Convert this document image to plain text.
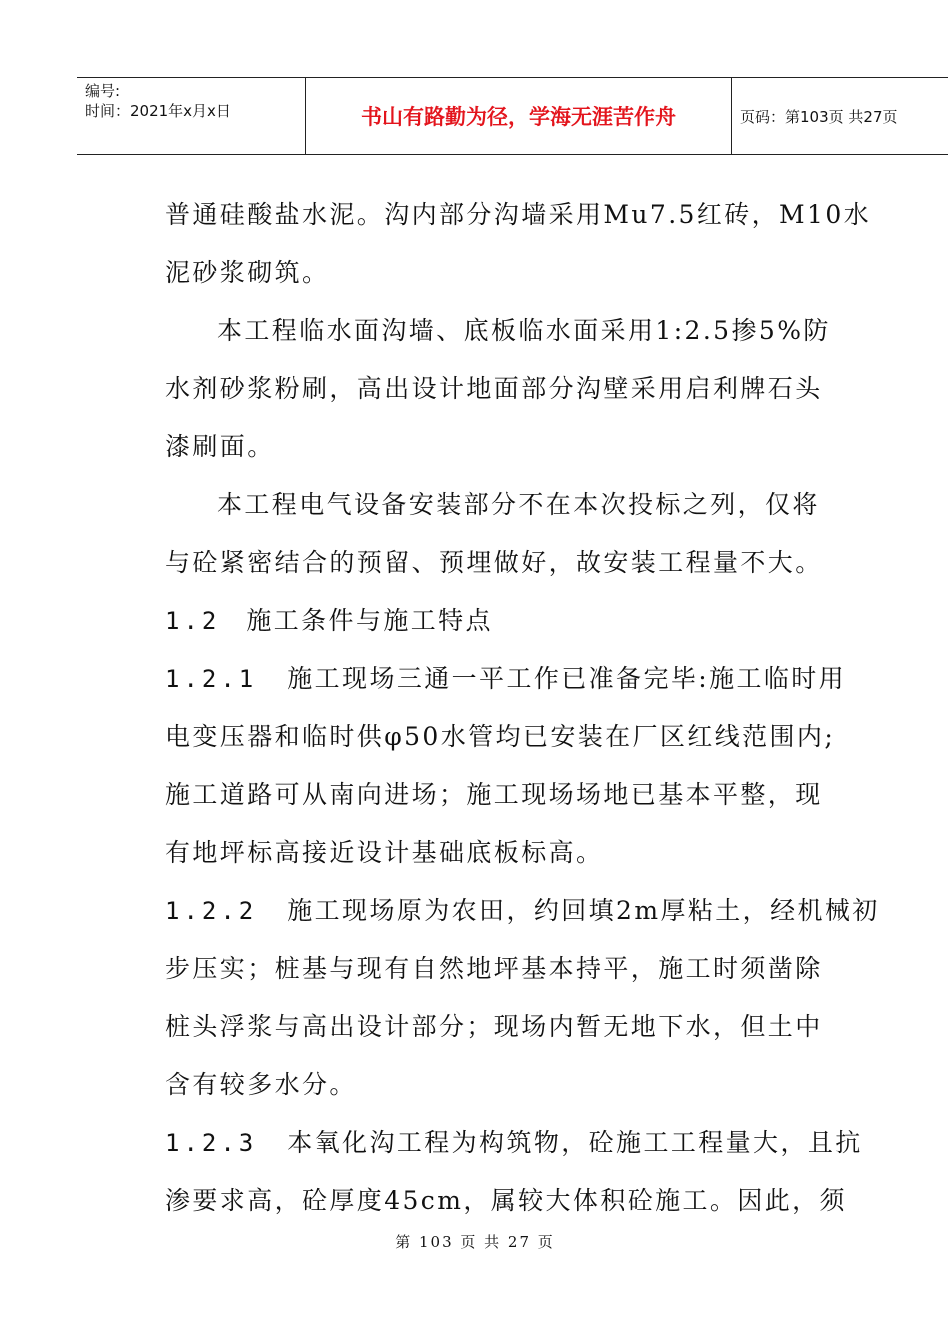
编号:
时间：2021年x月x日	书山有路勤为径，学海无涯苦作舟	页码：第103页 共27页
普通硅酸盐水泥。沟内部分沟墙采用Mu7.5红砖，M10水
泥砂浆砌筑。
本工程临水面沟墙、底板临水面采用1:2.5掺5%防
水剂砂浆粉刷，高出设计地面部分沟壁采用启利牌石头
漆刷面。
本工程电气设备安装部分不在本次投标之列，仅将
与砼紧密结合的预留、预埋做好，故安装工程量不大。
1.2 施工条件与施工特点
1.2.1 施工现场三通一平工作已准备完毕:施工临时用
电变压器和临时供φ50水管均已安装在厂区红线范围内;
施工道路可从南向进场；施工现场场地已基本平整，现
有地坪标高接近设计基础底板标高。
1.2.2 施工现场原为农田，约回填2m厚粘土，经机械初
步压实；桩基与现有自然地坪基本持平，施工时须凿除
桩头浮浆与高出设计部分；现场内暂无地下水，但土中
含有较多水分。
1.2.3 本氧化沟工程为构筑物，砼施工工程量大，且抗
渗要求高，砼厚度45cm，属较大体积砼施工。因此，须
第 103 页 共 27 页
